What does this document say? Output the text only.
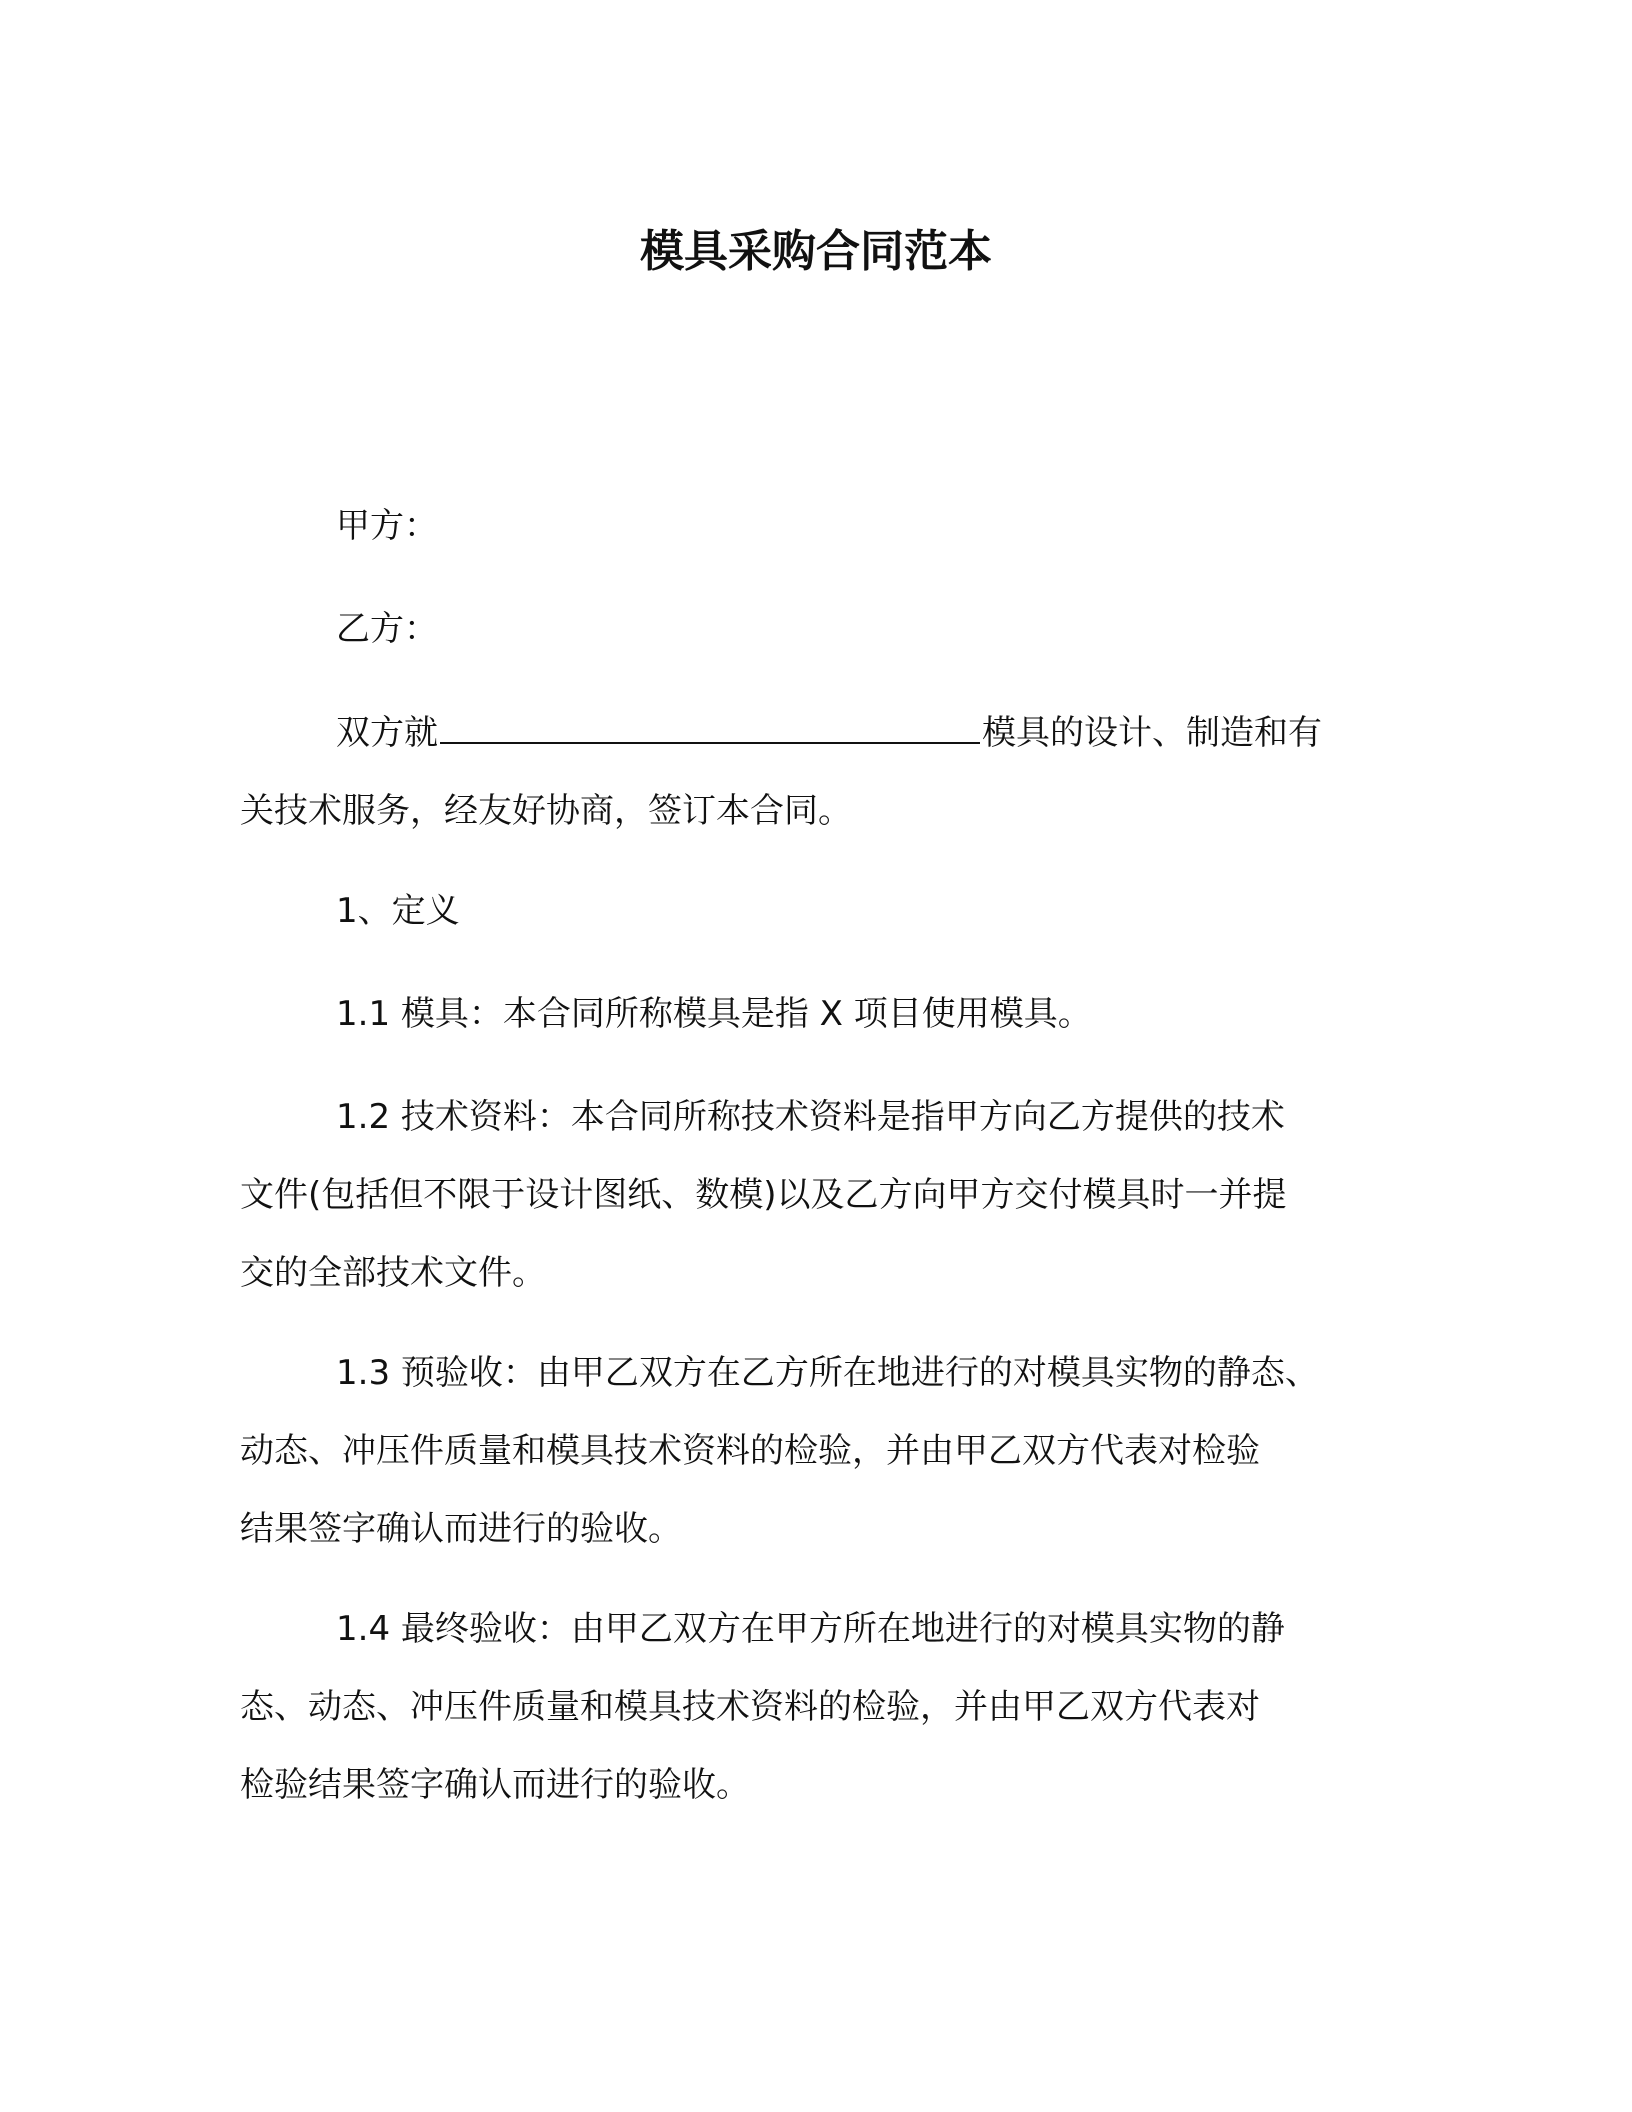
模具采购合同范本

甲方：

乙方：

双方就	模具的设计、制造和有
关技术服务，经友好协商，签订本合同。

1、定义

1.1 模具：本合同所称模具是指 X 项目使用模具。

1.2 技术资料：本合同所称技术资料是指甲方向乙方提供的技术
文件(包括但不限于设计图纸、数模)以及乙方向甲方交付模具时一并提
交的全部技术文件。
1.3 预验收：由甲乙双方在乙方所在地进行的对模具实物的静态、
动态、冲压件质量和模具技术资料的检验，并由甲乙双方代表对检验
结果签字确认而进行的验收。
1.4 最终验收：由甲乙双方在甲方所在地进行的对模具实物的静
态、动态、冲压件质量和模具技术资料的检验，并由甲乙双方代表对
检验结果签字确认而进行的验收。
